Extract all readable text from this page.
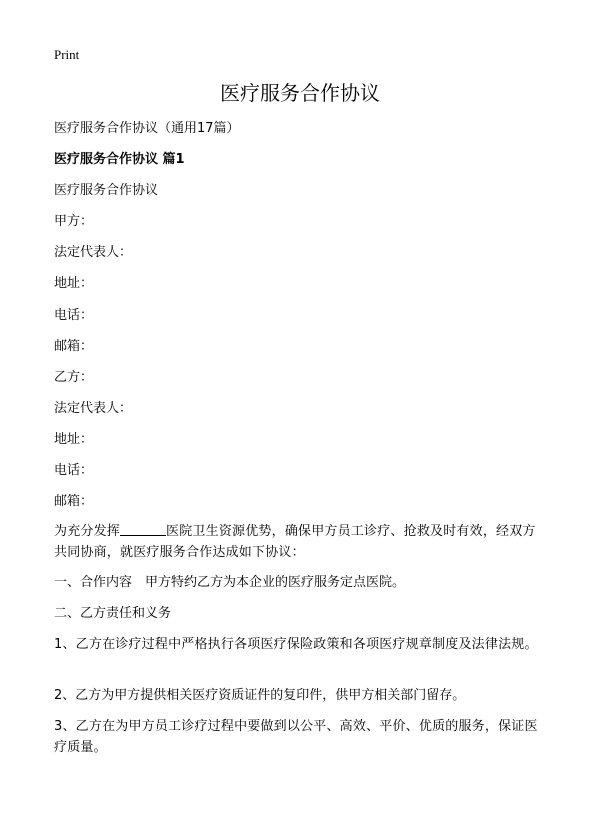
Print
医疗服务合作协议
医疗服务合作协议（通用17篇）
医疗服务合作协议 篇1
医疗服务合作协议
甲方：
法定代表人：
地址：
电话：
邮箱：
乙方：
法定代表人：
地址：
电话：
邮箱：
为充分发挥	医院卫生资源优势，确保甲方员工诊疗、抢救及时有效，经双方共同协商，就医疗服务合作达成如下协议：
一、合作内容　甲方特约乙方为本企业的医疗服务定点医院。
二、乙方责任和义务
1、乙方在诊疗过程中严格执行各项医疗保险政策和各项医疗规章制度及法律法规。
2、乙方为甲方提供相关医疗资质证件的复印件，供甲方相关部门留存。
3、乙方在为甲方员工诊疗过程中要做到以公平、高效、平价、优质的服务，保证医疗质量。
